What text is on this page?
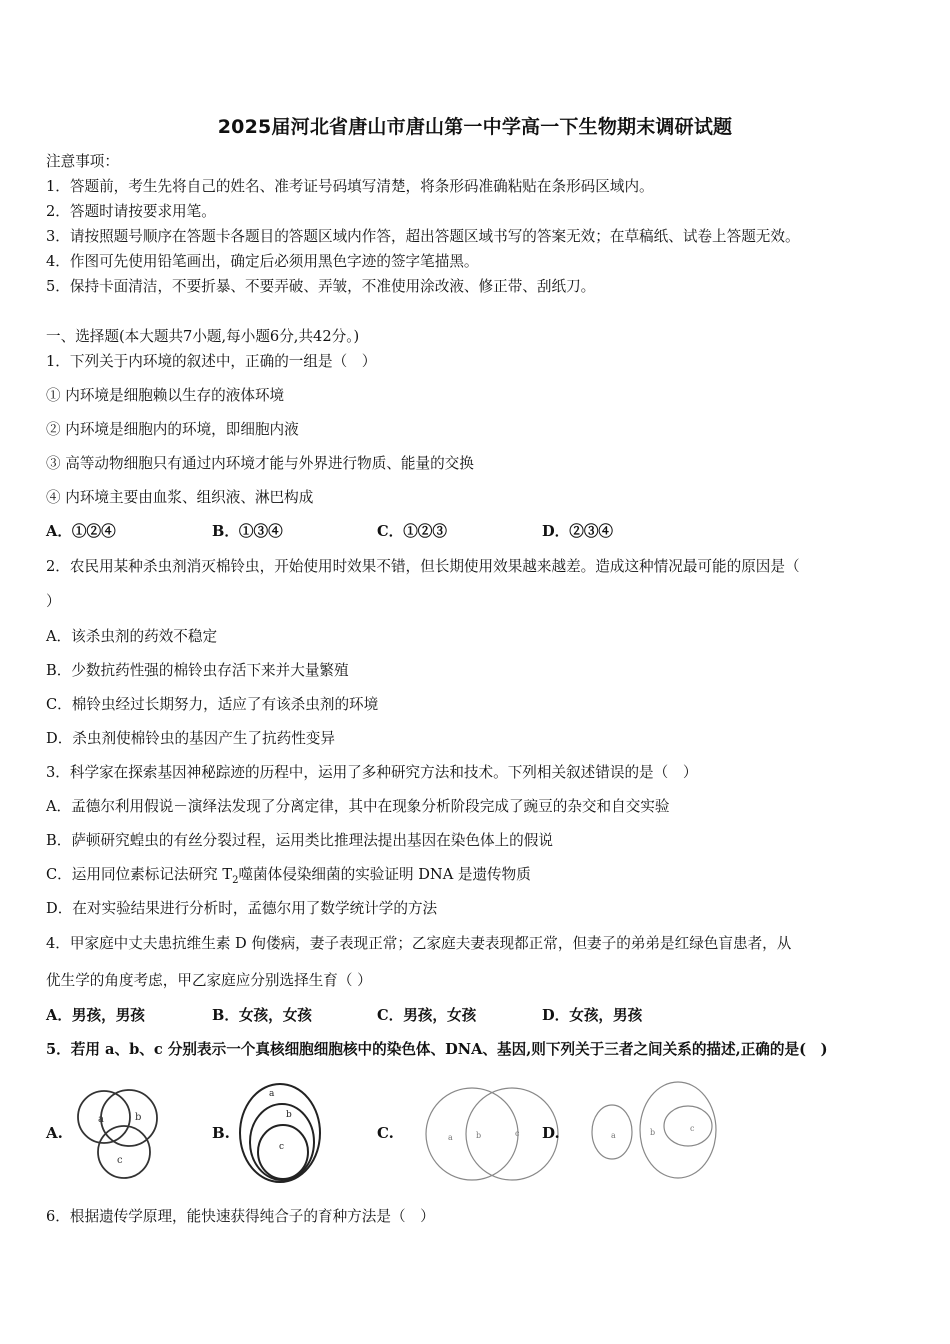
2025届河北省唐山市唐山第一中学高一下生物期末调研试题
注意事项：
1．答题前，考生先将自己的姓名、准考证号码填写清楚，将条形码准确粘贴在条形码区域内。
2．答题时请按要求用笔。
3．请按照题号顺序在答题卡各题目的答题区域内作答，超出答题区域书写的答案无效；在草稿纸、试卷上答题无效。
4．作图可先使用铅笔画出，确定后必须用黑色字迹的签字笔描黑。
5．保持卡面清洁，不要折暴、不要弄破、弄皱，不准使用涂改液、修正带、刮纸刀。
一、选择题(本大题共7小题,每小题6分,共42分。)
1．下列关于内环境的叙述中，正确的一组是（　）
① 内环境是细胞赖以生存的液体环境
② 内环境是细胞内的环境，即细胞内液
③ 高等动物细胞只有通过内环境才能与外界进行物质、能量的交换
④ 内环境主要由血浆、组织液、淋巴构成
A．①②④	B．①③④	C．①②③	D．②③④
2．农民用某种杀虫剂消灭棉铃虫，开始使用时效果不错，但长期使用效果越来越差。造成这种情况最可能的原因是（
）
A．该杀虫剂的药效不稳定
B．少数抗药性强的棉铃虫存活下来并大量繁殖
C．棉铃虫经过长期努力，适应了有该杀虫剂的环境
D．杀虫剂使棉铃虫的基因产生了抗药性变异
3．科学家在探索基因神秘踪迹的历程中，运用了多种研究方法和技术。下列相关叙述错误的是（　）
A．孟德尔利用假说－演绎法发现了分离定律，其中在现象分析阶段完成了豌豆的杂交和自交实验
B．萨顿研究蝗虫的有丝分裂过程，运用类比推理法提出基因在染色体上的假说
C．运用同位素标记法研究 $T_2$噬菌体侵染细菌的实验证明 DNA 是遗传物质
D．在对实验结果进行分析时，孟德尔用了数学统计学的方法
4．甲家庭中丈夫患抗维生素 D 佝偻病，妻子表现正常；乙家庭夫妻表现都正常，但妻子的弟弟是红绿色盲患者，从
优生学的角度考虑，甲乙家庭应分别选择生育（ ）
A．男孩，男孩	B．女孩，女孩	C．男孩，女孩	D．女孩，男孩
5．若用 a、b、c 分别表示一个真核细胞细胞核中的染色体、DNA、基因,则下列关于三者之间关系的描述,正确的是(　)
A.
a	b
c
B.
a
b
c
C.	a	b	c D.	a	b	c
6．根据遗传学原理，能快速获得纯合子的育种方法是（　）
